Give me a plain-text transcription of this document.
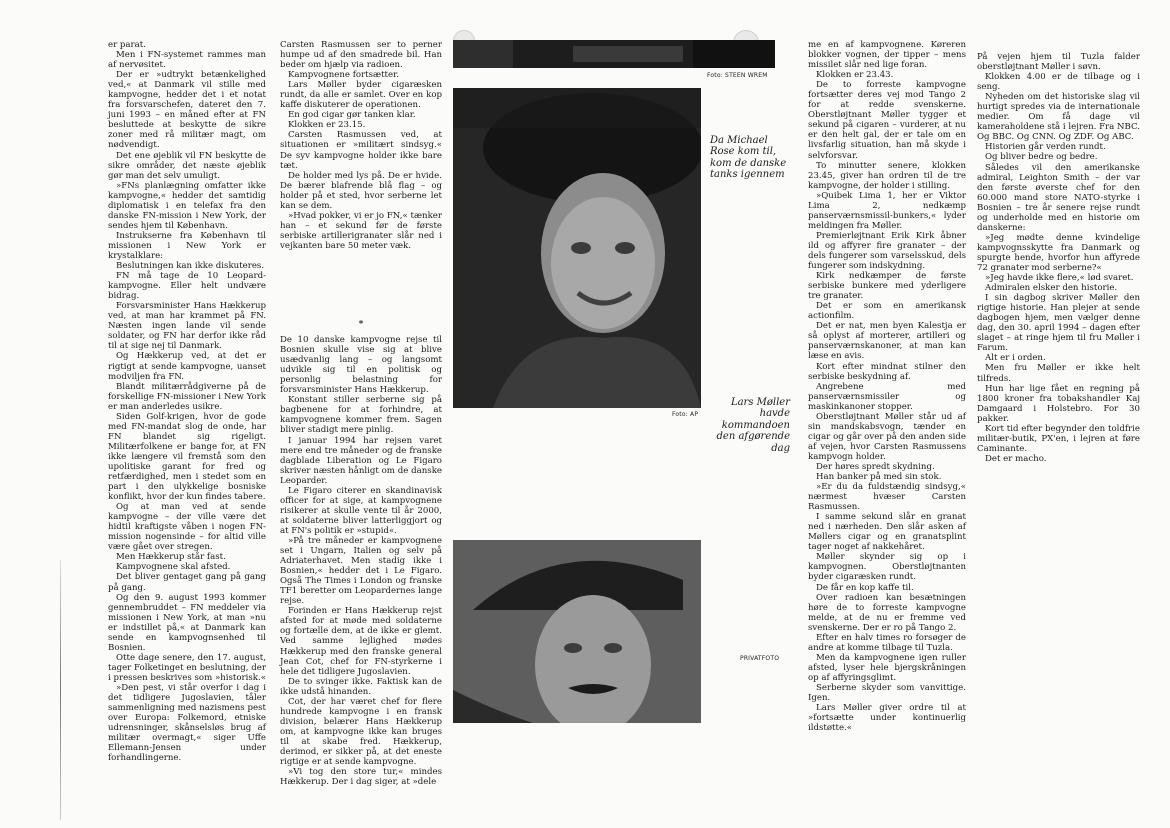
er parat.

Men i FN-systemet rammes man af nervøsitet.

Der er »udtrykt betænkelighed ved,« at Danmark vil stille med kampvogne, hedder det i et notat fra forsvarschefen, dateret den 7. juni 1993 – en måned efter at FN besluttede at beskytte de sikre zoner med rå militær magt, om nødvendigt.

Det ene øjeblik vil FN beskytte de sikre områder, det næste øjeblik gør man det selv umuligt.

»FNs planlægning omfatter ikke kampvogne,« hedder det samtidig diplomatisk i en telefax fra den danske FN-mission i New York, der sendes hjem til København.

Instrukserne fra København til missionen i New York er krystalklare:

Beslutningen kan ikke diskuteres.

FN må tage de 10 Leopard-kampvogne. Eller helt undvære bidrag.

Forsvarsminister Hans Hækkerup ved, at man har krammet på FN. Næsten ingen lande vil sende soldater, og FN har derfor ikke råd til at sige nej til Danmark.

Og Hækkerup ved, at det er rigtigt at sende kampvogne, uanset modviljen fra FN.

Blandt militærrådgiverne på de forskellige FN-missioner i New York er man anderledes usikre.

Siden Golf-krigen, hvor de gode med FN-mandat slog de onde, har FN blandet sig rigeligt. Militærfolkene er bange for, at FN ikke længere vil fremstå som den upolitiske garant for fred og retfærdighed, men i stedet som en part i den ulykkelige bosniske konflikt, hvor der kun findes tabere.

Og at man ved at sende kampvogne – der ville være det hidtil kraftigste våben i nogen FN-mission nogensinde – for altid ville være gået over stregen.

Men Hækkerup står fast.

Kampvognene skal afsted.

Det bliver gentaget gang på gang på gang.

Og den 9. august 1993 kommer gennembruddet – FN meddeler via missionen i New York, at man »nu er indstillet på,« at Danmark kan sende en kampvognsenhed til Bosnien.

Otte dage senere, den 17. august, tager Folketinget en beslutning, der i pressen beskrives som »historisk.«

»Den pest, vi står overfor i dag i det tidligere Jugoslavien, tåler sammenligning med nazismens pest over Europa: Folkemord, etniske udrensninger, skånselsløs brug af militær overmagt,« siger Uffe Ellemann-Jensen under forhandlingerne.

Carsten Rasmussen ser to perner humpe ud af den smadrede bil. Han beder om hjælp via radioen.

Kampvognene fortsætter.

Lars Møller byder cigaræsken rundt, da alle er samlet. Over en kop kaffe diskuterer de operationen.

En god cigar gør tanken klar.

Klokken er 23.15.

Carsten Rasmussen ved, at situationen er »militært sindsyg.« De syv kampvogne holder ikke bare tæt.

De holder med lys på. De er hvide. De bærer blafrende blå flag – og holder på et sted, hvor serberne let kan se dem.

»Hvad pokker, vi er jo FN,« tænker han – et sekund før de første serbiske artillerigranater slår ned i vejkanten bare 50 meter væk.

*

De 10 danske kampvogne rejse til Bosnien skulle vise sig at blive usædvanlig lang – og langsomt udvikle sig til en politisk og personlig belastning for forsvarsminister Hans Hækkerup.

Konstant stiller serberne sig på bagbenene for at forhindre, at kampvognene kommer frem. Sagen bliver stadigt mere pinlig.

I januar 1994 har rejsen varet mere end tre måneder og de franske dagblade Liberation og Le Figaro skriver næsten hånligt om de danske Leoparder.

Le Figaro citerer en skandinavisk officer for at sige, at kampvognene risikerer at skulle vente til år 2000, at soldaterne bliver latterliggjort og at FN's politik er »stupid«.

»På tre måneder er kampvognene set i Ungarn, Italien og selv på Adriaterhavet. Men stadig ikke i Bosnien,« hedder det i Le Figaro. Også The Times i London og franske TF1 beretter om Leopardernes lange rejse.

Forinden er Hans Hækkerup rejst afsted for at møde med soldaterne og fortælle dem, at de ikke er glemt. Ved samme lejlighed mødes Hækkerup med den franske general Jean Cot, chef for FN-styrkerne i hele det tidligere Jugoslavien.

De to svinger ikke. Faktisk kan de ikke udstå hinanden.

Cot, der har været chef for flere hundrede kampvogne i en fransk division, belærer Hans Hækkerup om, at kampvogne ikke kan bruges til at skabe fred. Hækkerup, derimod, er sikker på, at det eneste rigtige er at sende kampvogne.

»Vi tog den store tur,« mindes Hækkerup. Der i dag siger, at »dele

Foto: STEEN WREM
Da Michael Rose kom til, kom de danske tanks igennem
Lars Møller havde kommandoen den afgørende dag
Foto: AP
PRIVATFOTO

me en af kampvognene. Køreren blokker vognen, der tipper – mens missilet slår ned lige foran.

Klokken er 23.43.

De to forreste kampvogne fortsætter deres vej mod Tango 2 for at redde svenskerne. Oberstløjtnant Møller tygger et sekund på cigaren – vurderer, at nu er den helt gal, der er tale om en livsfarlig situation, han må skyde i selvforsvar.

To minutter senere, klokken 23.45, giver han ordren til de tre kampvogne, der holder i stilling.

»Quibek Lima 1, her er Viktor Lima 2, nedkæmp panserværnsmissil-bunkers,« lyder meldingen fra Møller.

Premierløjtnant Erik Kirk åbner ild og affyrer fire granater – der dels fungerer som varselsskud, dels fungerer som indskydning.

Kirk nedkæmper de første serbiske bunkere med yderligere tre granater.

Det er som en amerikansk actionfilm.

Det er nat, men byen Kalestja er så oplyst af morterer, artilleri og panserværnskanoner, at man kan læse en avis.

Kort efter mindnat stilner den serbiske beskydning af.

Angrebene med panserværnsmissiler og maskinkanoner stopper.

Oberstløjtnant Møller står ud af sin mandskabsvogn, tænder en cigar og går over på den anden side af vejen, hvor Carsten Rasmussens kampvogn holder.

Der høres spredt skydning.

Han banker på med sin stok.

»Er du da fuldstændig sindsyg,« nærmest hvæser Carsten Rasmussen.

I samme sekund slår en granat ned i nærheden. Den slår asken af Møllers cigar og en granatsplint tager noget af nakkehåret.

Møller skynder sig op i kampvognen. Oberstløjtnanten byder cigaræsken rundt.

De får en kop kaffe til.

Over radioen kan besætningen høre de to forreste kampvogne melde, at de nu er fremme ved svenskerne. Der er ro på Tango 2.

Efter en halv times ro forsøger de andre at komme tilbage til Tuzla.

Men da kampvognene igen ruller afsted, lyser hele bjergskråningen op af affyringsglimt.

Serberne skyder som vanvittige. Igen.

Lars Møller giver ordre til at »fortsætte under kontinuerlig ildstøtte.«

På vejen hjem til Tuzla falder oberstløjtnant Møller i søvn.

Klokken 4.00 er de tilbage og i seng.

Nyheden om det historiske slag vil hurtigt spredes via de internationale medier. Om få dage vil kameraholdene stå i lejren. Fra NBC. Og BBC. Og CNN. Og ZDF. Og ABC.

Historien går verden rundt.

Og bliver bedre og bedre.

Således vil den amerikanske admiral, Leighton Smith – der var den første øverste chef for den 60.000 mand store NATO-styrke i Bosnien – tre år senere rejse rundt og underholde med en historie om danskerne:

»Jeg mødte denne kvindelige kampvognsskytte fra Danmark og spurgte hende, hvorfor hun affyrede 72 granater mod serberne?«

»Jeg havde ikke flere,« lød svaret.

Admiralen elsker den historie.

I sin dagbog skriver Møller den rigtige historie. Han plejer at sende dagbogen hjem, men vælger denne dag, den 30. april 1994 – dagen efter slaget – at ringe hjem til fru Møller i Farum.

Alt er i orden.

Men fru Møller er ikke helt tilfreds.

Hun har lige fået en regning på 1800 kroner fra tobakshandler Kaj Damgaard i Holstebro. For 30 pakker.

Kort tid efter begynder den toldfrie militær-butik, PX'en, i lejren at føre Caminante.

Det er macho.
